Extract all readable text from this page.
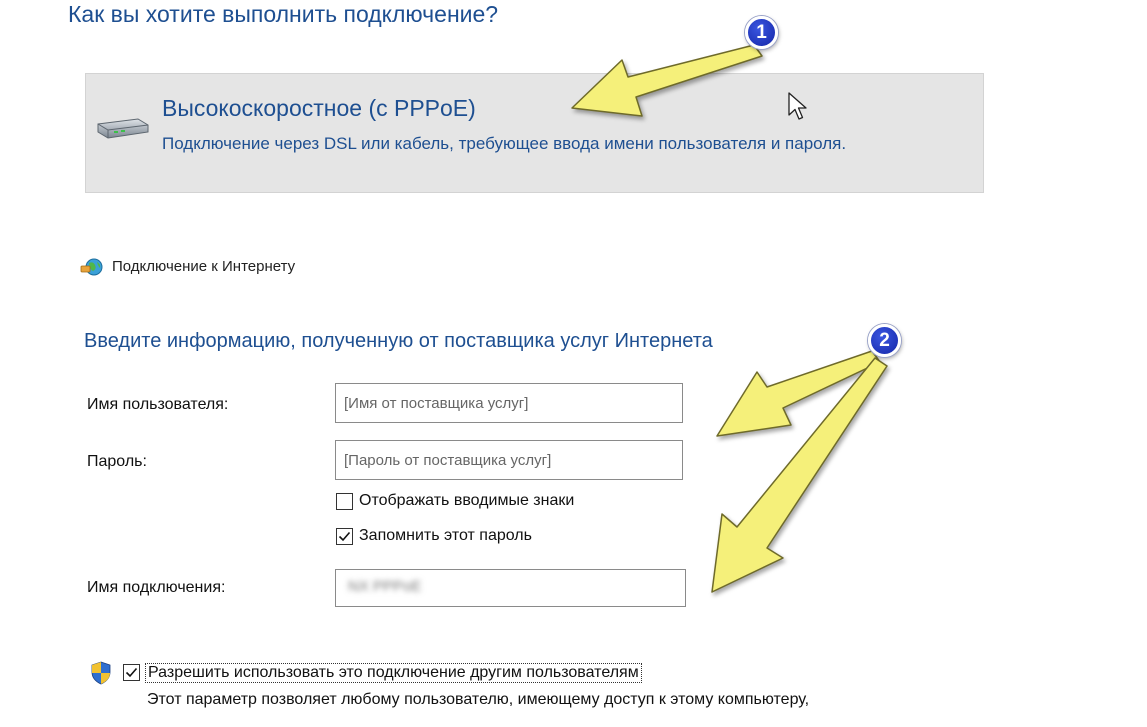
Как вы хотите выполнить подключение?
Высокоскоростное (с PPPoE)
Подключение через DSL или кабель, требующее ввода имени пользователя и пароля.
Подключение к Интернету
Введите информацию, полученную от поставщика услуг Интернета
Имя пользователя:
[Имя от поставщика услуг]
Пароль:
[Пароль от поставщика услуг]
Отображать вводимые знаки
Запомнить этот пароль
Имя подключения:	NX PPPoE
Разрешить использовать это подключение другим пользователям
Этот параметр позволяет любому пользователю, имеющему доступ к этому компьютеру,
1
2
